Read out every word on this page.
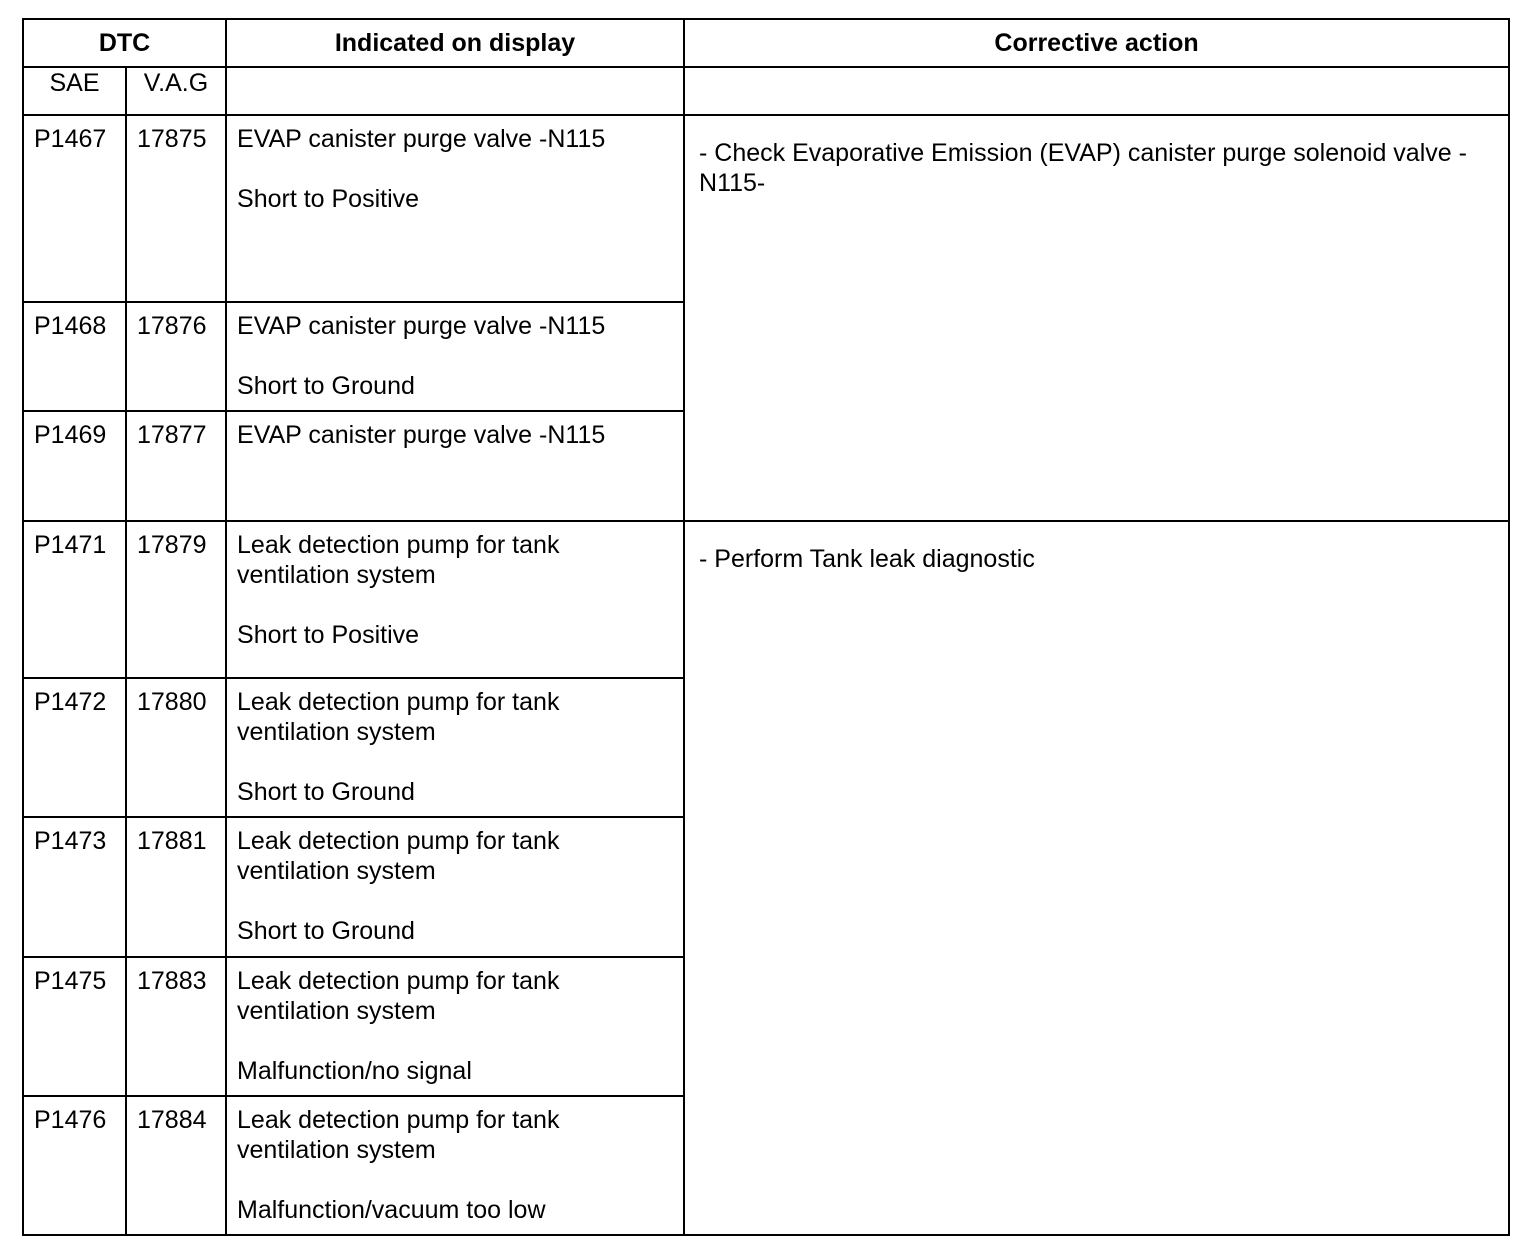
DTC		Indicated on display	Corrective action
SAE	V.A.G		
P1467	17875	EVAP canister purge valve -N115
Short to Positive	- Check Evaporative Emission (EVAP) canister purge solenoid valve -N115-
P1468	17876	EVAP canister purge valve -N115
Short to Ground	

P1469	17877	EVAP canister purge valve -N115	

P1471	17879	Leak detection pump for tank ventilation system
Short to Positive	- Perform Tank leak diagnostic
P1472	17880	Leak detection pump for tank ventilation system
Short to Ground	

P1473	17881	Leak detection pump for tank ventilation system
Short to Ground	

P1475	17883	Leak detection pump for tank ventilation system
Malfunction/no signal	

P1476	17884	Leak detection pump for tank ventilation system
Malfunction/vacuum too low	
